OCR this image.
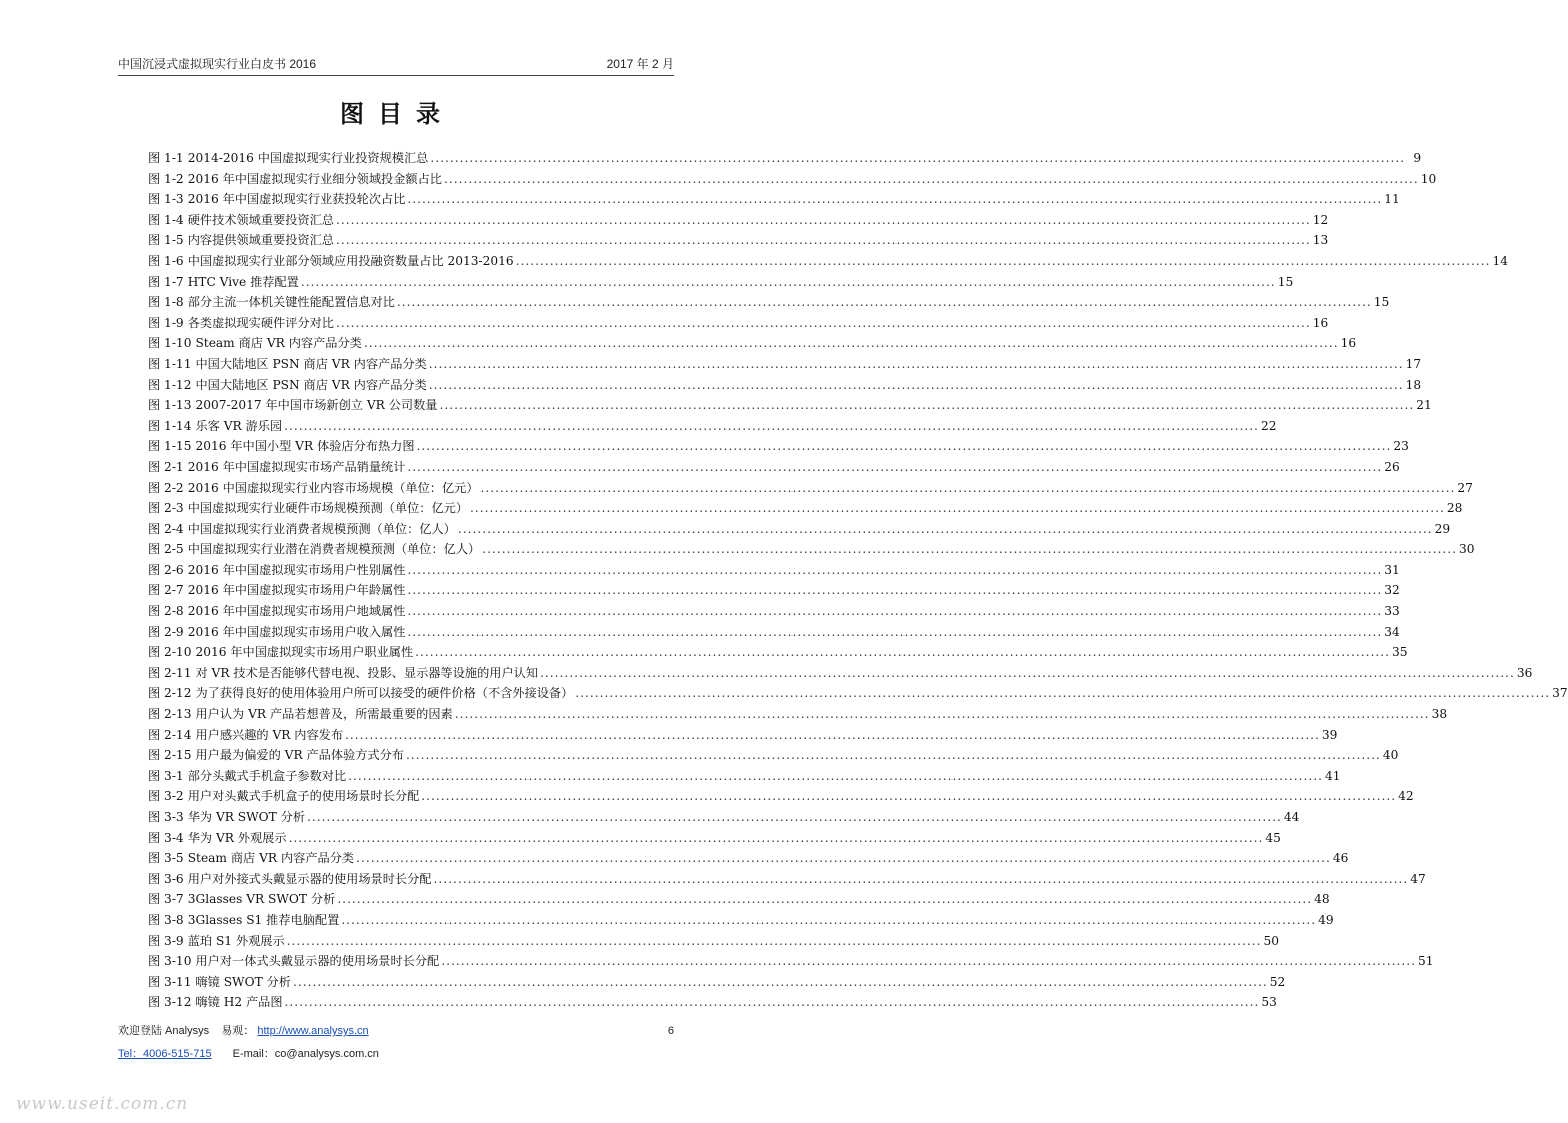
中国沉浸式虚拟现实行业白皮书 2016	2017 年 2 月
图目录
图 1-1 2014-2016 中国虚拟现实行业投资规模汇总 ........................................................................................................................................................................................................ 9
图 1-2 2016 年中国虚拟现实行业细分领域投金额占比 ........................................................................................................................................................................................................ 10
图 1-3 2016 年中国虚拟现实行业获投轮次占比 ........................................................................................................................................................................................................ 11
图 1-4 硬件技术领域重要投资汇总 ........................................................................................................................................................................................................ 12
图 1-5 内容提供领域重要投资汇总 ........................................................................................................................................................................................................ 13
图 1-6 中国虚拟现实行业部分领域应用投融资数量占比 2013-2016 ........................................................................................................................................................................................................ 14
图 1-7 HTC Vive 推荐配置 ........................................................................................................................................................................................................ 15
图 1-8 部分主流一体机关键性能配置信息对比 ........................................................................................................................................................................................................ 15
图 1-9 各类虚拟现实硬件评分对比 ........................................................................................................................................................................................................ 16
图 1-10 Steam 商店 VR 内容产品分类 ........................................................................................................................................................................................................ 16
图 1-11 中国大陆地区 PSN 商店 VR 内容产品分类 ........................................................................................................................................................................................................ 17
图 1-12 中国大陆地区 PSN 商店 VR 内容产品分类 ........................................................................................................................................................................................................ 18
图 1-13 2007-2017 年中国市场新创立 VR 公司数量 ........................................................................................................................................................................................................ 21
图 1-14 乐客 VR 游乐园 ........................................................................................................................................................................................................ 22
图 1-15 2016 年中国小型 VR 体验店分布热力图 ........................................................................................................................................................................................................ 23
图 2-1 2016 年中国虚拟现实市场产品销量统计 ........................................................................................................................................................................................................ 26
图 2-2 2016 中国虚拟现实行业内容市场规模（单位：亿元） ........................................................................................................................................................................................................ 27
图 2-3 中国虚拟现实行业硬件市场规模预测（单位：亿元） ........................................................................................................................................................................................................ 28
图 2-4 中国虚拟现实行业消费者规模预测（单位：亿人） ........................................................................................................................................................................................................ 29
图 2-5 中国虚拟现实行业潜在消费者规模预测（单位：亿人） ........................................................................................................................................................................................................ 30
图 2-6 2016 年中国虚拟现实市场用户性别属性 ........................................................................................................................................................................................................ 31
图 2-7 2016 年中国虚拟现实市场用户年龄属性 ........................................................................................................................................................................................................ 32
图 2-8 2016 年中国虚拟现实市场用户地域属性 ........................................................................................................................................................................................................ 33
图 2-9 2016 年中国虚拟现实市场用户收入属性 ........................................................................................................................................................................................................ 34
图 2-10 2016 年中国虚拟现实市场用户职业属性 ........................................................................................................................................................................................................ 35
图 2-11 对 VR 技术是否能够代替电视、投影、显示器等设施的用户认知 ........................................................................................................................................................................................................ 36
图 2-12 为了获得良好的使用体验用户所可以接受的硬件价格（不含外接设备） ........................................................................................................................................................................................................ 37
图 2-13 用户认为 VR 产品若想普及，所需最重要的因素 ........................................................................................................................................................................................................ 38
图 2-14 用户感兴趣的 VR 内容发布 ........................................................................................................................................................................................................ 39
图 2-15 用户最为偏爱的 VR 产品体验方式分布 ........................................................................................................................................................................................................ 40
图 3-1 部分头戴式手机盒子参数对比 ........................................................................................................................................................................................................ 41
图 3-2 用户对头戴式手机盒子的使用场景时长分配 ........................................................................................................................................................................................................ 42
图 3-3 华为 VR SWOT 分析 ........................................................................................................................................................................................................ 44
图 3-4 华为 VR 外观展示 ........................................................................................................................................................................................................ 45
图 3-5 Steam 商店 VR 内容产品分类 ........................................................................................................................................................................................................ 46
图 3-6 用户对外接式头戴显示器的使用场景时长分配 ........................................................................................................................................................................................................ 47
图 3-7 3Glasses VR SWOT 分析 ........................................................................................................................................................................................................ 48
图 3-8 3Glasses S1 推荐电脑配置 ........................................................................................................................................................................................................ 49
图 3-9 蓝珀 S1 外观展示 ........................................................................................................................................................................................................ 50
图 3-10 用户对一体式头戴显示器的使用场景时长分配 ........................................................................................................................................................................................................ 51
图 3-11 嗨镜 SWOT 分析 ........................................................................................................................................................................................................ 52
图 3-12 嗨镜 H2 产品图 ........................................................................................................................................................................................................ 53
欢迎登陆 Analysys 易观： http://www.analysys.cn	6
Tel：4006-515-715 E-mail：co@analysys.com.cn
www.useit.com.cn
